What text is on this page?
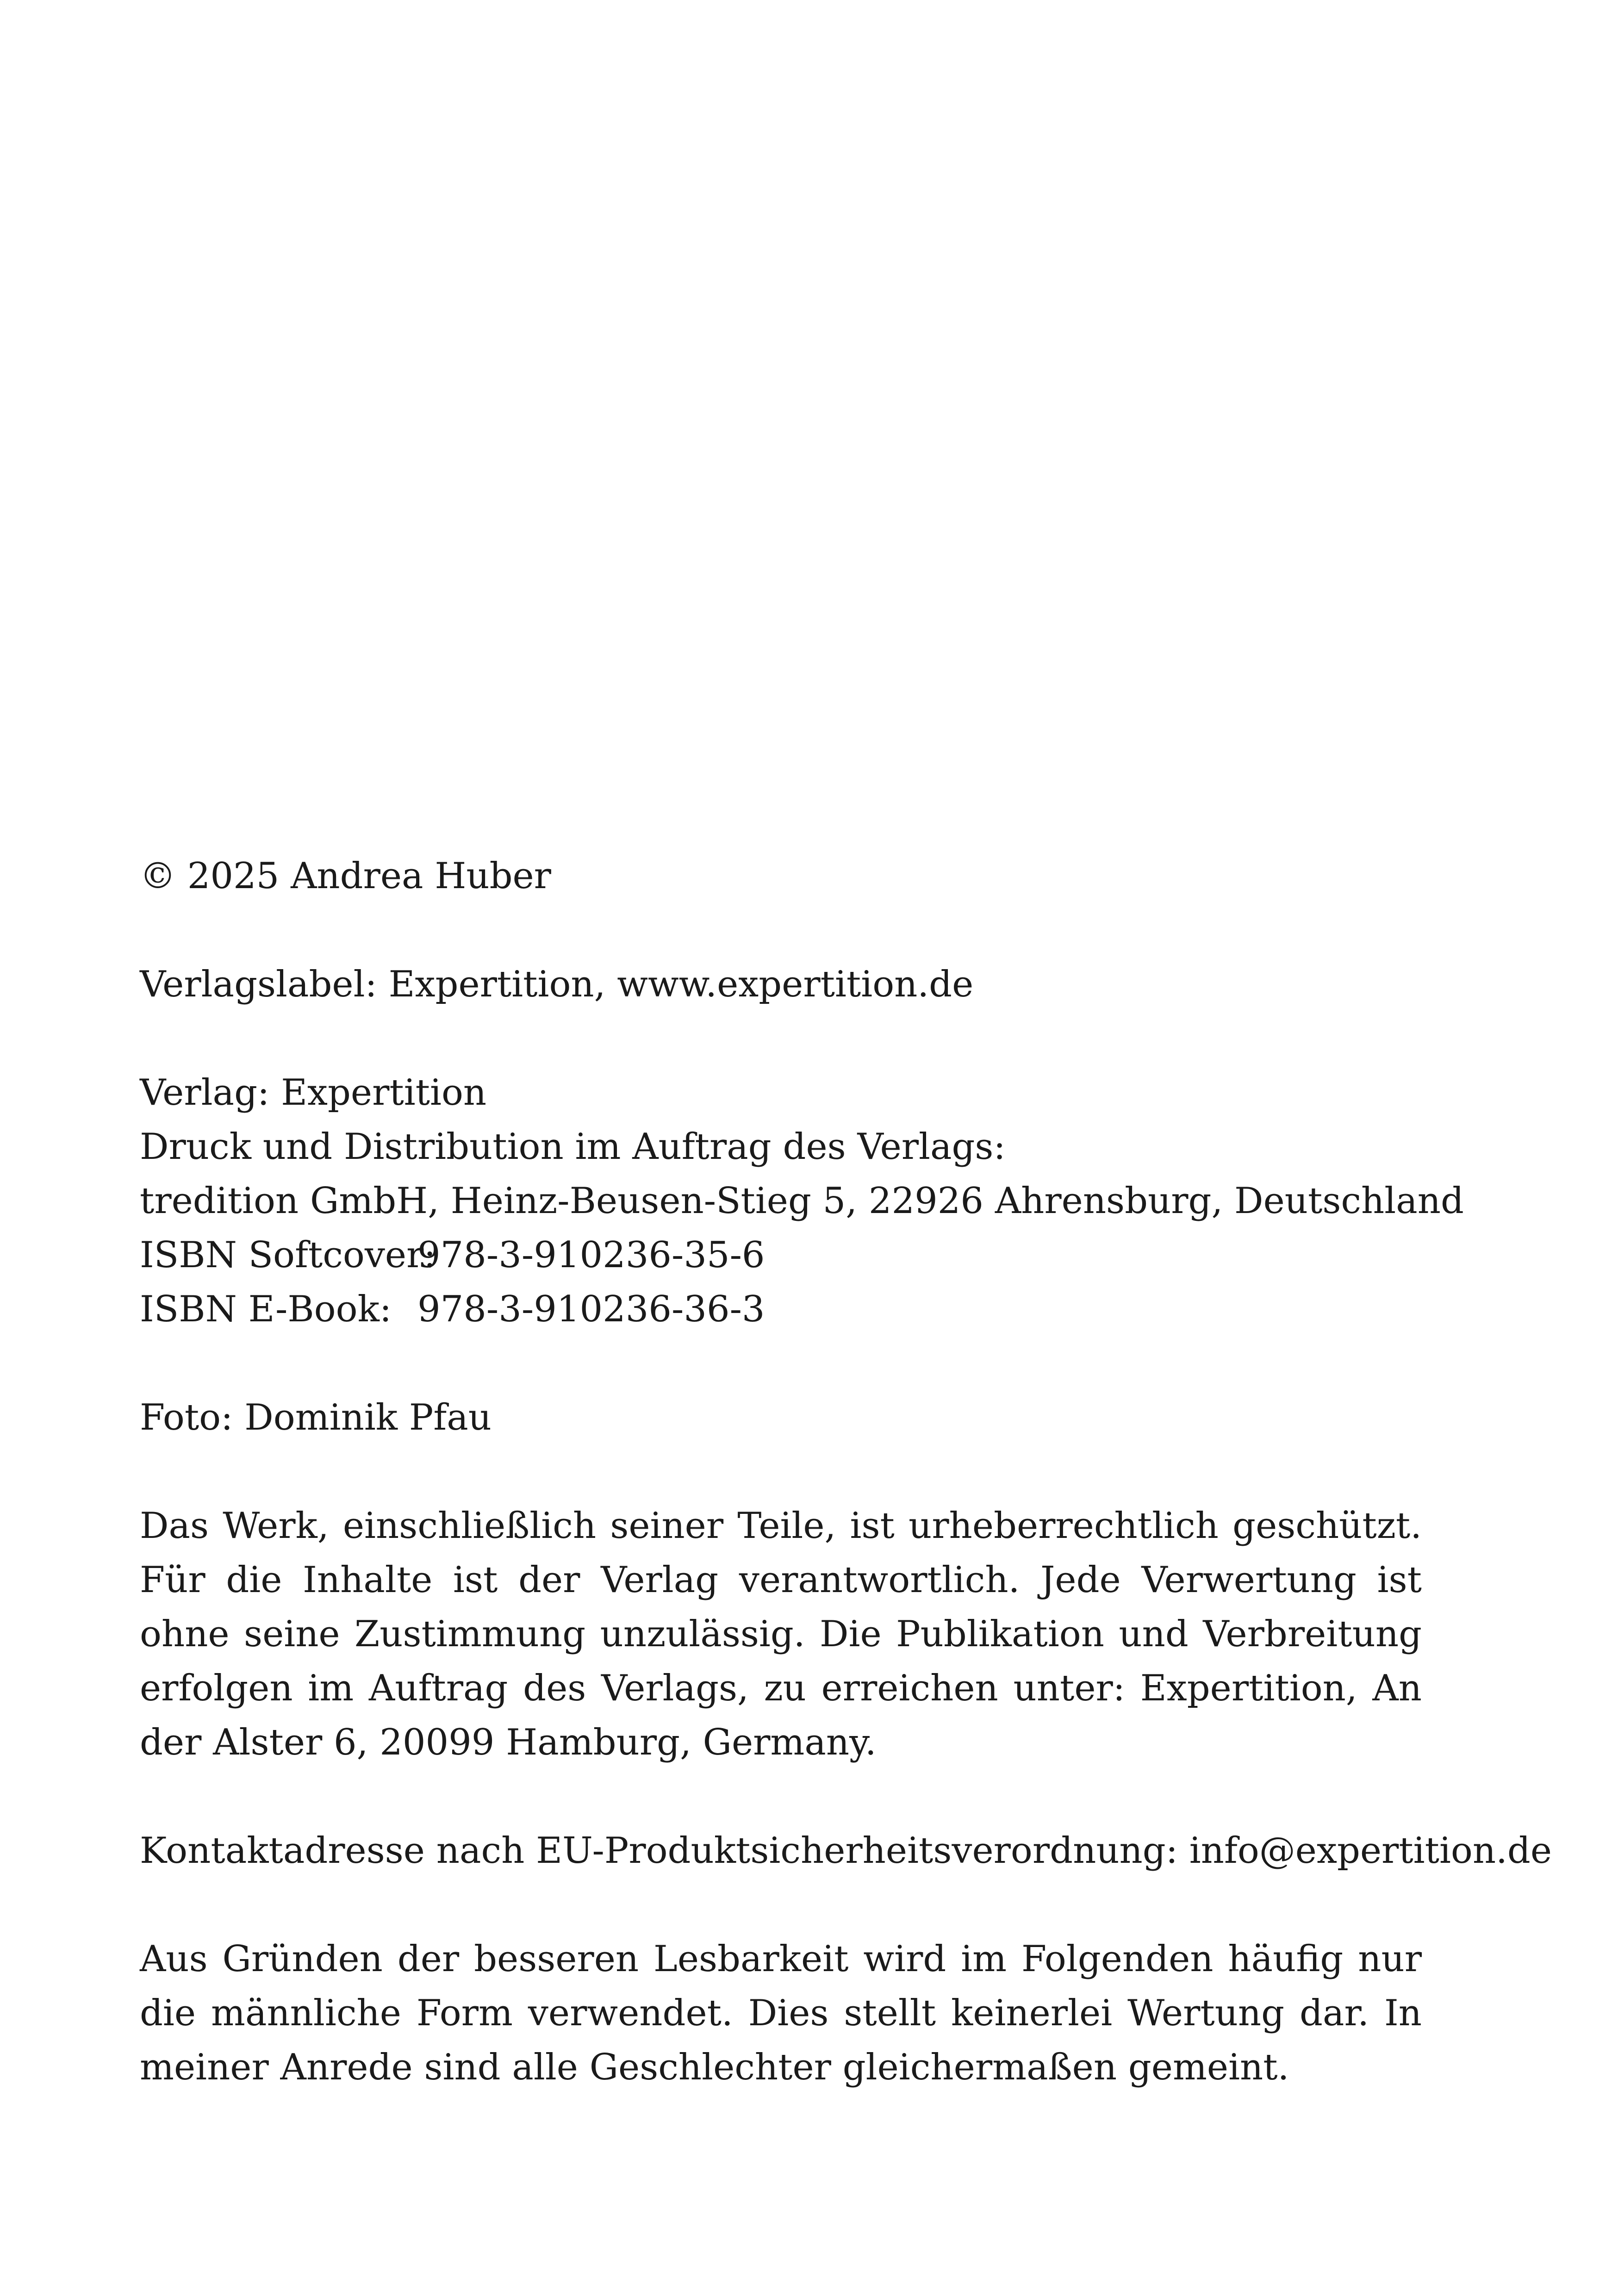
© 2025 Andrea Huber
Verlagslabel: Expertition, www.expertition.de
Verlag: Expertition
Druck und Distribution im Auftrag des Verlags:
tredition GmbH, Heinz-Beusen-Stieg 5, 22926 Ahrensburg, Deutschland
ISBN Softcover:
978-3-910236-35-6
ISBN E-Book: 978-3-910236-36-3
Foto: Dominik Pfau
Das Werk, einschließlich seiner Teile, ist urheberrechtlich geschützt. Für die Inhalte ist der Verlag verantwortlich. Jede Verwertung ist ohne seine Zustimmung unzulässig. Die Publikation und Verbreitung erfolgen im Auftrag des Verlags, zu erreichen unter: Expertition, An der Alster 6, 20099 Hamburg, Germany.
Kontaktadresse nach EU-Produktsicherheitsverordnung: info@expertition.de
Aus Gründen der besseren Lesbarkeit wird im Folgenden häufig nur die männliche Form verwendet. Dies stellt keinerlei Wertung dar. In meiner Anrede sind alle Geschlechter gleichermaßen gemeint.
